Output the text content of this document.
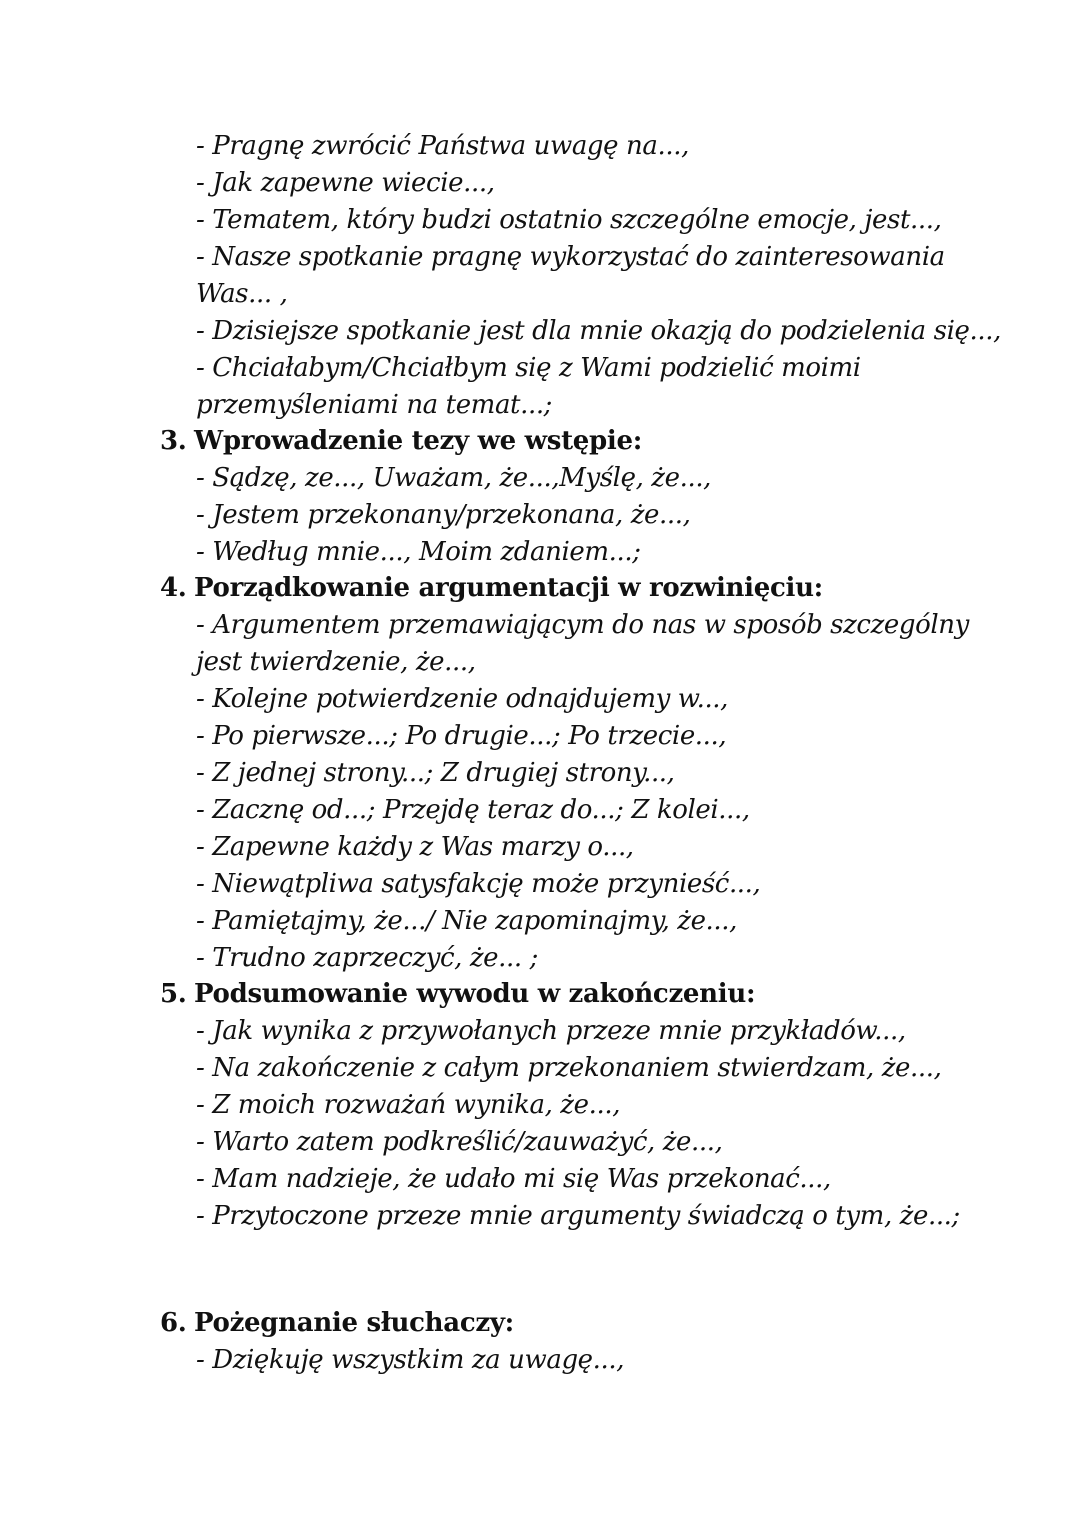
- Pragnę zwrócić Państwa uwagę na...,
- Jak zapewne wiecie...,
- Tematem, który budzi ostatnio szczególne emocje, jest...,
- Nasze spotkanie pragnę wykorzystać do zainteresowania
Was... ,
- Dzisiejsze spotkanie jest dla mnie okazją do podzielenia się...,
- Chciałabym/Chciałbym się z Wami podzielić moimi
przemyśleniami na temat...;
3. Wprowadzenie tezy we wstępie:
- Sądzę, ze..., Uważam, że...,Myślę, że...,
- Jestem przekonany/przekonana, że...,
- Według mnie..., Moim zdaniem...;
4. Porządkowanie argumentacji w rozwinięciu:
- Argumentem przemawiającym do nas w sposób szczególny
jest twierdzenie, że...,
- Kolejne potwierdzenie odnajdujemy w...,
- Po pierwsze...; Po drugie...; Po trzecie...,
- Z jednej strony...; Z drugiej strony...,
- Zacznę od...; Przejdę teraz do...; Z kolei...,
- Zapewne każdy z Was marzy o...,
- Niewątpliwa satysfakcję może przynieść...,
- Pamiętajmy, że.../ Nie zapominajmy, że...,
- Trudno zaprzeczyć, że... ;
5. Podsumowanie wywodu w zakończeniu:
- Jak wynika z przywołanych przeze mnie przykładów...,
- Na zakończenie z całym przekonaniem stwierdzam, że...,
- Z moich rozważań wynika, że...,
- Warto zatem podkreślić/zauważyć, że...,
- Mam nadzieje, że udało mi się Was przekonać...,
- Przytoczone przeze mnie argumenty świadczą o tym, że...;
6. Pożegnanie słuchaczy:
- Dziękuję wszystkim za uwagę...,
